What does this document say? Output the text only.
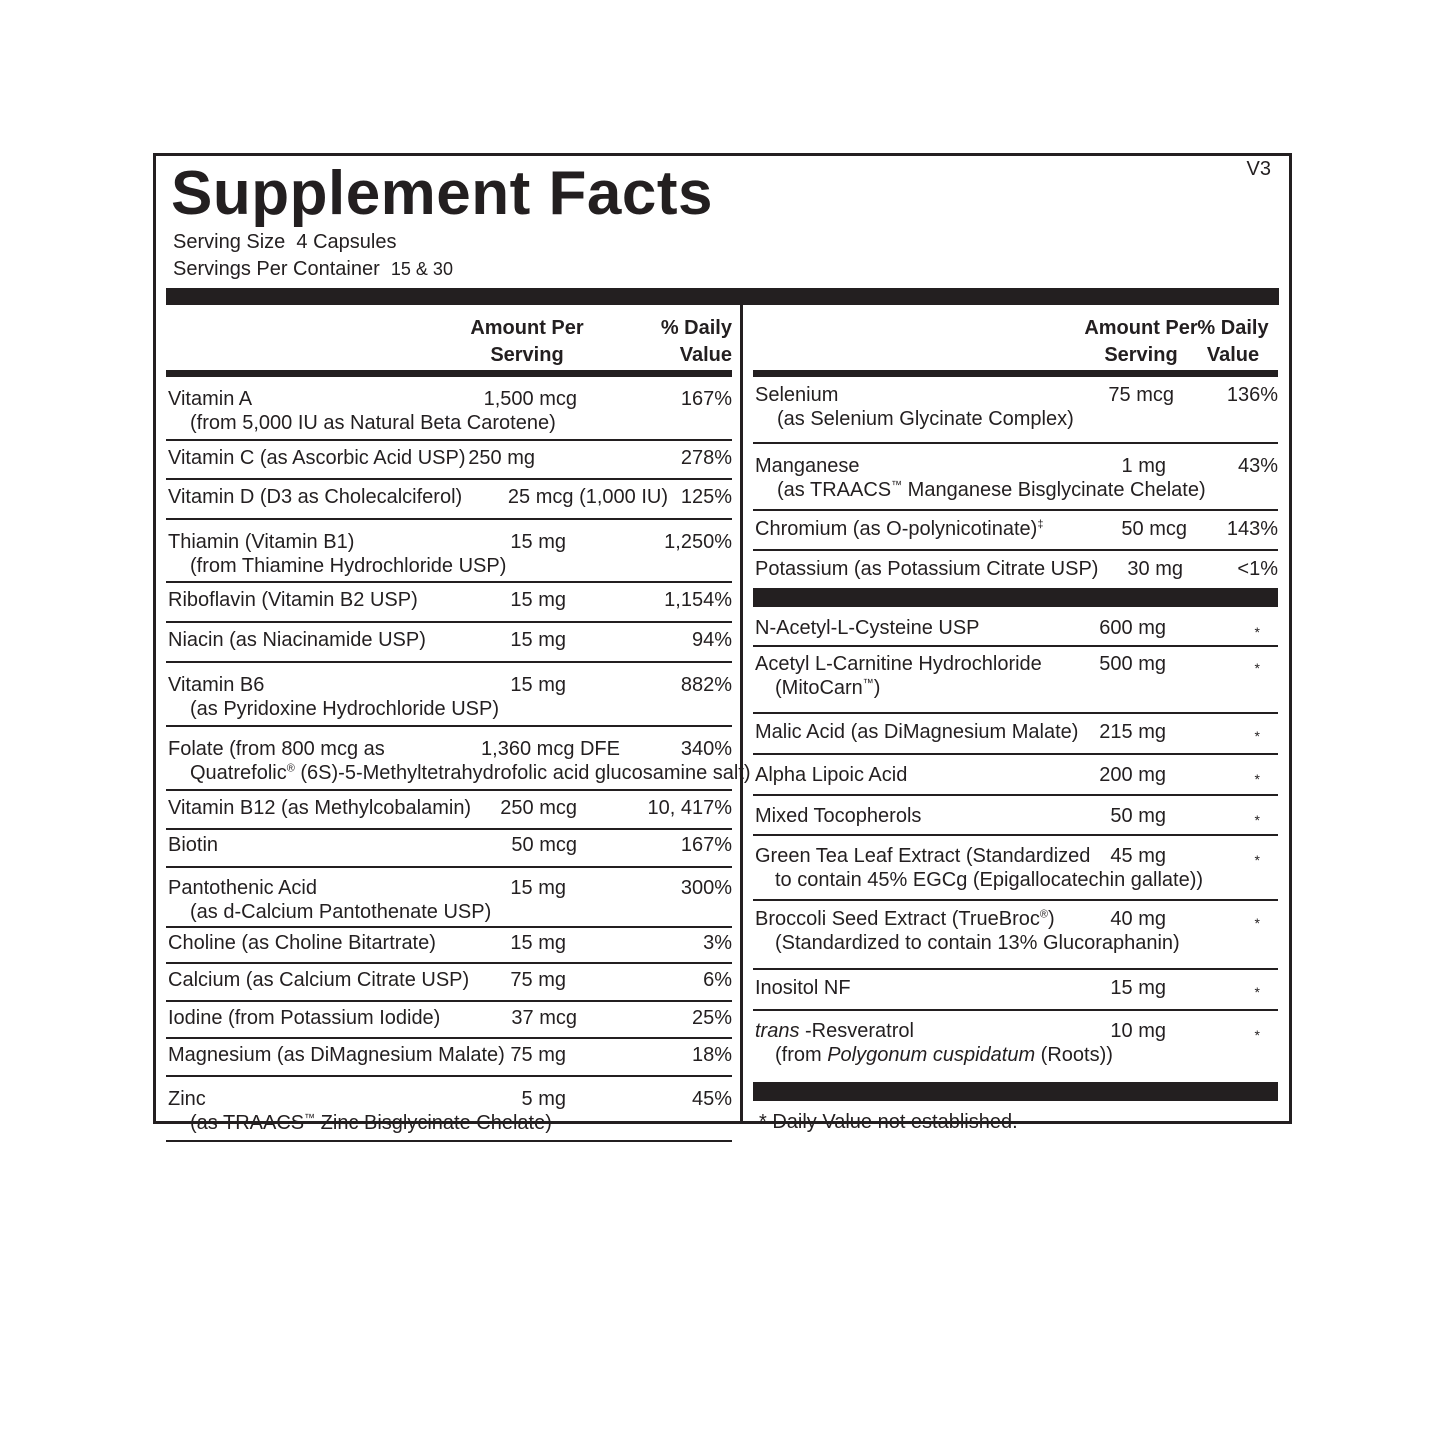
Supplement Facts	V3
Serving Size 4 Capsules
Servings Per Container 15 & 30
Amount Per
Serving
% Daily
Value
Vitamin A
(from 5,000 IU as Natural Beta Carotene)
1,500 mcg	167%
Vitamin C (as Ascorbic Acid USP) 250 mg	278%
Vitamin D (D3 as Cholecalciferol) 25 mcg (1,000 IU) 125%
Thiamin (Vitamin B1)
(from Thiamine Hydrochloride USP)
15 mg	1,250%
Riboflavin (Vitamin B2 USP)	15 mg	1,154%
Niacin (as Niacinamide USP)	15 mg	94%
Vitamin B6
(as Pyridoxine Hydrochloride USP)
15 mg	882%
Folate (from 800 mcg as
Quatrefolic® (6S)-5-Methyltetrahydrofolic acid glucosamine salt)
1,360 mcg DFE	340%
Vitamin B12 (as Methylcobalamin) 250 mcg	10, 417%
Biotin	50 mcg	167%
Pantothenic Acid
(as d-Calcium Pantothenate USP)
15 mg	300%
Choline (as Choline Bitartrate)	15 mg	3%
Calcium (as Calcium Citrate USP) 75 mg	6%
Iodine (from Potassium Iodide)	37 mcg	25%
Magnesium (as DiMagnesium Malate) 75 mg	18%
Zinc
(as TRAACS™ Zinc Bisglycinate Chelate)
5 mg	45%
Amount Per
Serving
% Daily
Value
Selenium
(as Selenium Glycinate Complex)
75 mcg	136%
Manganese
(as TRAACS™ Manganese Bisglycinate Chelate)
1 mg	43%
Chromium (as O-polynicotinate)‡	50 mcg 143%
Potassium (as Potassium Citrate USP) 30 mg	<1%
N-Acetyl-L-Cysteine USP	600 mg	*
Acetyl L-Carnitine Hydrochloride
(MitoCarn™)
500 mg	*
Malic Acid (as DiMagnesium Malate) 215 mg	*
Alpha Lipoic Acid	200 mg	*
Mixed Tocopherols	50 mg	*
Green Tea Leaf Extract (Standardized
to contain 45% EGCg (Epigallocatechin gallate))
45 mg	*
Broccoli Seed Extract (TrueBroc®)
(Standardized to contain 13% Glucoraphanin)
40 mg	*
Inositol NF	15 mg	*
trans -Resveratrol
(from Polygonum cuspidatum (Roots))
10 mg	*
* Daily Value not established.
